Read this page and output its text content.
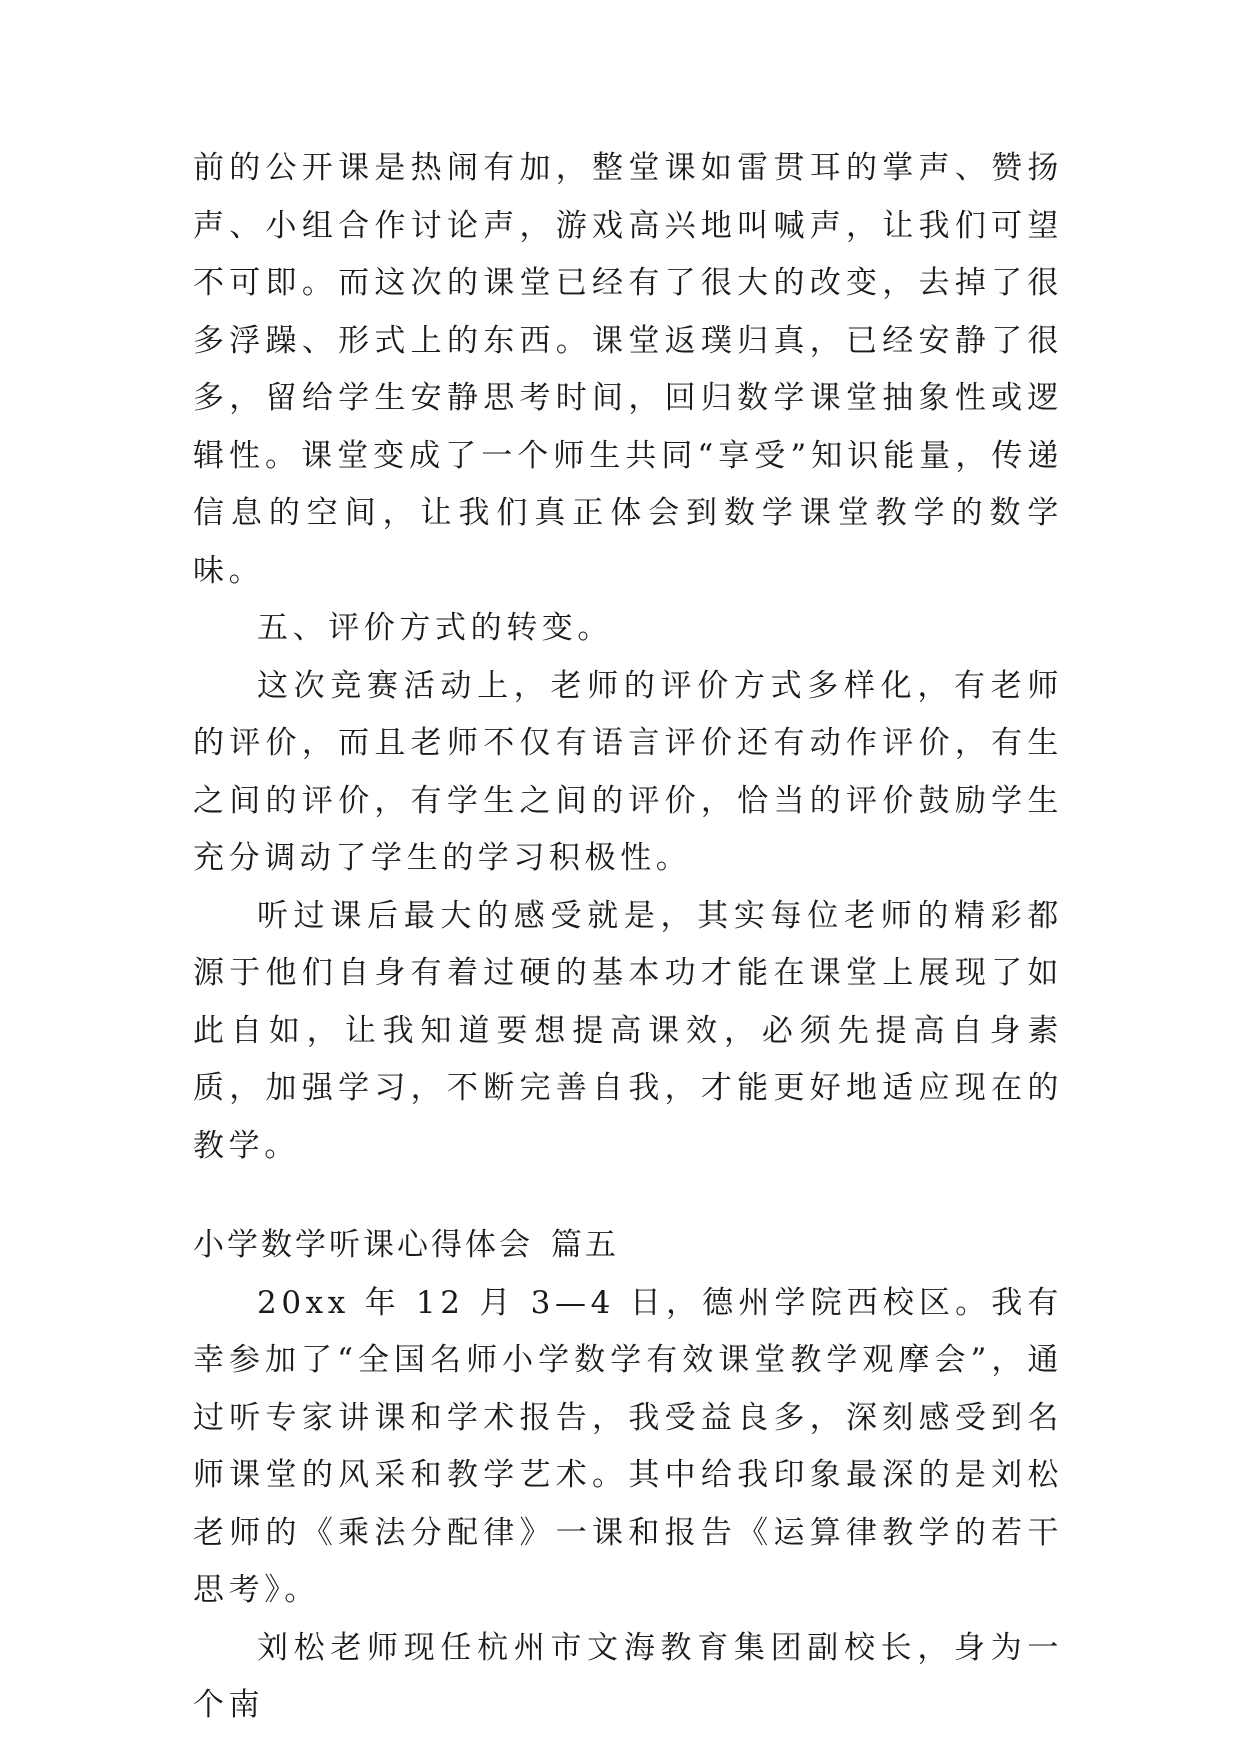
前的公开课是热闹有加，整堂课如雷贯耳的掌声、赞扬声、小组合作讨论声，游戏高兴地叫喊声，让我们可望不可即。而这次的课堂已经有了很大的改变，去掉了很多浮躁、形式上的东西。课堂返璞归真，已经安静了很多，留给学生安静思考时间，回归数学课堂抽象性或逻辑性。课堂变成了一个师生共同“享受”知识能量，传递信息的空间，让我们真正体会到数学课堂教学的数学味。

五、评价方式的转变。

这次竞赛活动上，老师的评价方式多样化，有老师的评价，而且老师不仅有语言评价还有动作评价，有生之间的评价，有学生之间的评价，恰当的评价鼓励学生充分调动了学生的学习积极性。

听过课后最大的感受就是，其实每位老师的精彩都源于他们自身有着过硬的基本功才能在课堂上展现了如此自如，让我知道要想提高课效，必须先提高自身素质，加强学习，不断完善自我，才能更好地适应现在的教学。

小学数学听课心得体会 篇五

20xx 年 12 月 3—4 日，德州学院西校区。我有幸参加了“全国名师小学数学有效课堂教学观摩会”，通过听专家讲课和学术报告，我受益良多，深刻感受到名师课堂的风采和教学艺术。其中给我印象最深的是刘松老师的《乘法分配律》一课和报告《运算律教学的若干思考》。

刘松老师现任杭州市文海教育集团副校长，身为一个南
